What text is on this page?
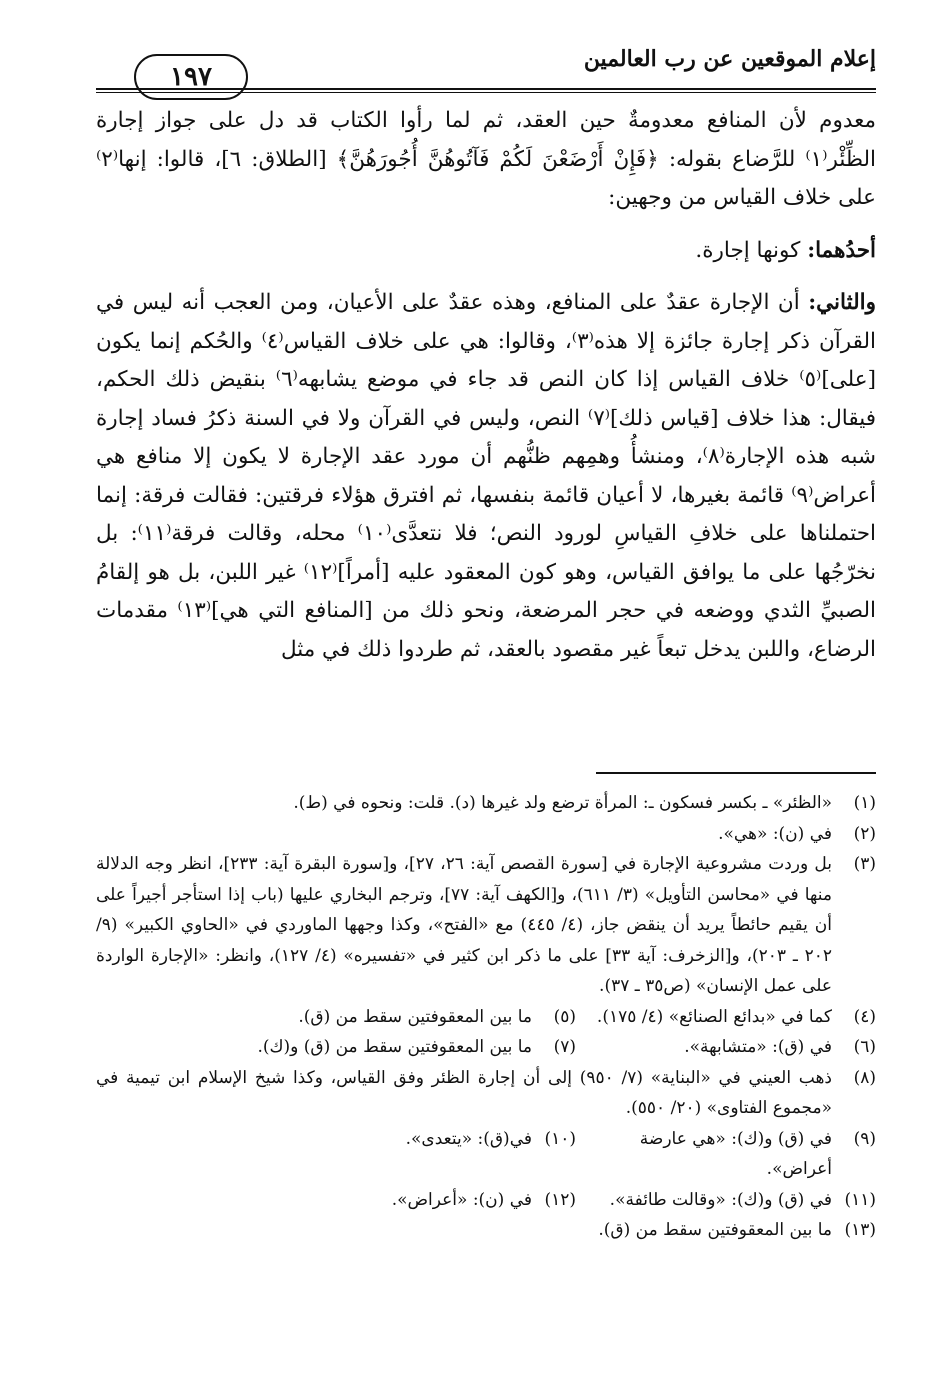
إعلام الموقعين عن رب العالمين
١٩٧

معدوم لأن المنافع معدومةٌ حين العقد، ثم لما رأوا الكتاب قد دل على جواز إجارة الظِّئْر⁽١⁾ للرَّضاع بقوله: ﴿فَإِنْ أَرْضَعْنَ لَكُمْ فَآتُوهُنَّ أُجُورَهُنَّ﴾ [الطلاق: ٦]، قالوا: إنها⁽٢⁾ على خلاف القياس من وجهين:

أحدُهما: كونها إجارة.

والثاني: أن الإجارة عقدٌ على المنافع، وهذه عقدٌ على الأعيان، ومن العجب أنه ليس في القرآن ذكر إجارة جائزة إلا هذه⁽٣⁾، وقالوا: هي على خلاف القياس⁽٤⁾ والحُكم إنما يكون [على]⁽٥⁾ خلاف القياس إذا كان النص قد جاء في موضع يشابهه⁽٦⁾ بنقيض ذلك الحكم، فيقال: هذا خلاف [قياس ذلك]⁽٧⁾ النص، وليس في القرآن ولا في السنة ذكرُ فساد إجارة شبه هذه الإجارة⁽٨⁾، ومنشأُ وهمِهم ظنُّهم أن مورد عقد الإجارة لا يكون إلا منافع هي أعراض⁽٩⁾ قائمة بغيرها، لا أعيان قائمة بنفسها، ثم افترق هؤلاء فرقتين: فقالت فرقة: إنما احتملناها على خلافِ القياسِ لورود النص؛ فلا نتعدَّى⁽١٠⁾ محله، وقالت فرقة⁽١١⁾: بل نخرّجُها على ما يوافق القياس، وهو كون المعقود عليه [أمراً]⁽١٢⁾ غير اللبن، بل هو إلقامُ الصبيِّ الثدي ووضعه في حجر المرضعة، ونحو ذلك من [المنافع التي هي]⁽١٣⁾ مقدمات الرضاع، واللبن يدخل تبعاً غير مقصود بالعقد، ثم طردوا ذلك في مثل

(١)
«الظئر» ـ بكسر فسكون ـ: المرأة ترضع ولد غيرها (د). قلت: ونحوه في (ط).
(٢)
في (ن): «هي».
(٣)
بل وردت مشروعية الإجارة في [سورة القصص آية: ٢٦، ٢٧]، و[سورة البقرة آية: ٢٣٣]، انظر وجه الدلالة منها في «محاسن التأويل» (٣/ ٦١١)، و[الكهف آية: ٧٧]، وترجم البخاري عليها (باب إذا استأجر أجيراً على أن يقيم حائطاً يريد أن ينقض جاز، (٤/ ٤٤٥) مع «الفتح»، وكذا وجهها الماوردي في «الحاوي الكبير» (٩/ ٢٠٢ ـ ٢٠٣)، و[الزخرف: آية ٣٣] على ما ذكر ابن كثير في «تفسيره» (٤/ ١٢٧)، وانظر: «الإجارة الواردة على عمل الإنسان» (ص٣٥ ـ ٣٧).
(٤)
كما في «بدائع الصنائع» (٤/ ١٧٥).
(٥)
ما بين المعقوفتين سقط من (ق).
(٦)
في (ق): «متشابهة».
(٧)
ما بين المعقوفتين سقط من (ق) و(ك).
(٨)
ذهب العيني في «البناية» (٧/ ٩٥٠) إلى أن إجارة الظئر وفق القياس، وكذا شيخ الإسلام ابن تيمية في «مجموع الفتاوى» (٢٠/ ٥٥٠).
(٩)
في (ق) و(ك): «هي عارضة أعراض».
(١٠)
في(ق): «يتعدى».
(١١)
في (ق) و(ك): «وقالت طائفة».
(١٢)
في (ن): «أعراض».
(١٣)
ما بين المعقوفتين سقط من (ق).
